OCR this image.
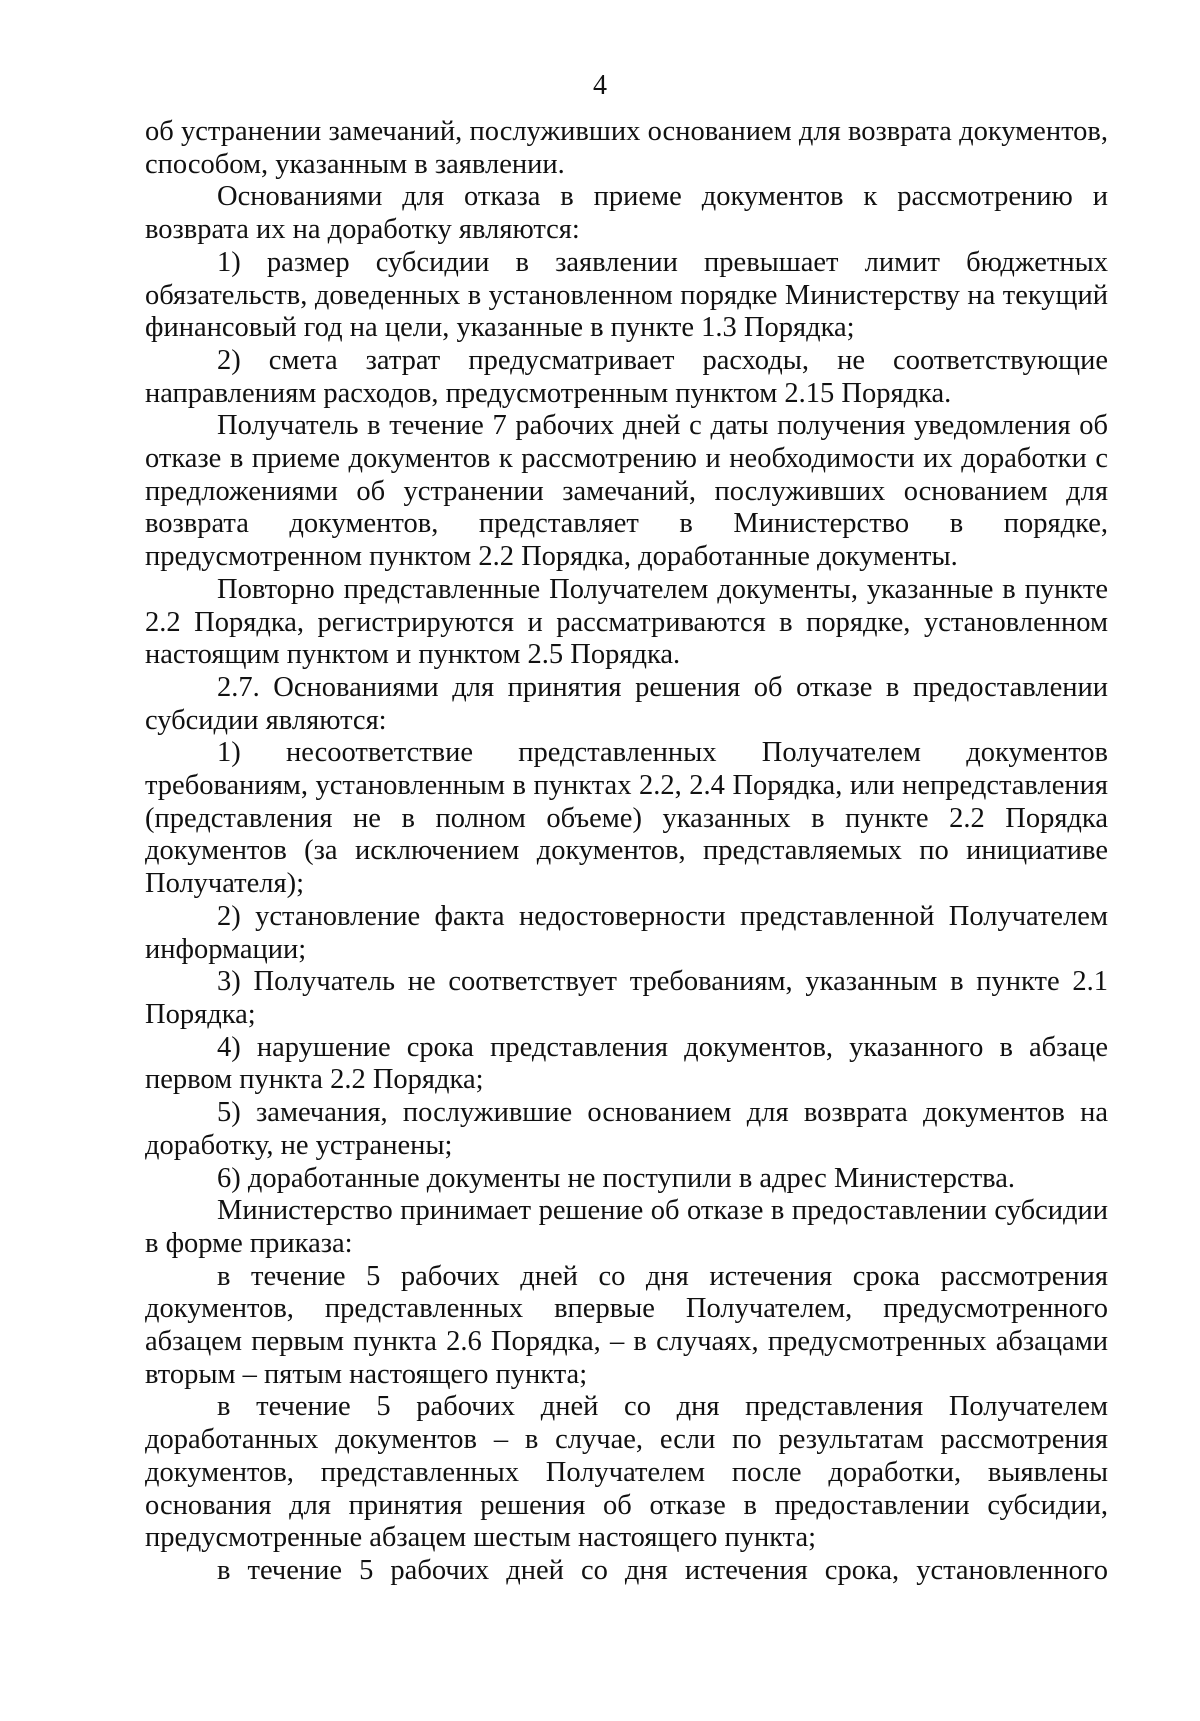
4

об устранении замечаний, послуживших основанием для возврата документов, способом, указанным в заявлении.

Основаниями для отказа в приеме документов к рассмотрению и возврата их на доработку являются:

1) размер субсидии в заявлении превышает лимит бюджетных обязательств, доведенных в установленном порядке Министерству на текущий финансовый год на цели, указанные в пункте 1.3 Порядка;

2) смета затрат предусматривает расходы, не соответствующие направлениям расходов, предусмотренным пунктом 2.15 Порядка.

Получатель в течение 7 рабочих дней с даты получения уведомления об отказе в приеме документов к рассмотрению и необходимости их доработки с предложениями об устранении замечаний, послуживших основанием для возврата документов, представляет в Министерство в порядке, предусмотренном пунктом 2.2 Порядка, доработанные документы.

Повторно представленные Получателем документы, указанные в пункте 2.2 Порядка, регистрируются и рассматриваются в порядке, установленном настоящим пунктом и пунктом 2.5 Порядка.

2.7. Основаниями для принятия решения об отказе в предоставлении субсидии являются:

1) несоответствие представленных Получателем документов требованиям, установленным в пунктах 2.2, 2.4 Порядка, или непредставления (представления не в полном объеме) указанных в пункте 2.2 Порядка документов (за исключением документов, представляемых по инициативе Получателя);

2) установление факта недостоверности представленной Получателем информации;

3) Получатель не соответствует требованиям, указанным в пункте 2.1 Порядка;

4) нарушение срока представления документов, указанного в абзаце первом пункта 2.2 Порядка;

5) замечания, послужившие основанием для возврата документов на доработку, не устранены;

6) доработанные документы не поступили в адрес Министерства.

Министерство принимает решение об отказе в предоставлении субсидии в форме приказа:

в течение 5 рабочих дней со дня истечения срока рассмотрения документов, представленных впервые Получателем, предусмотренного абзацем первым пункта 2.6 Порядка, – в случаях, предусмотренных абзацами вторым – пятым настоящего пункта;

в течение 5 рабочих дней со дня представления Получателем доработанных документов – в случае, если по результатам рассмотрения документов, представленных Получателем после доработки, выявлены основания для принятия решения об отказе в предоставлении субсидии, предусмотренные абзацем шестым настоящего пункта;

в течение 5 рабочих дней со дня истечения срока, установленного
